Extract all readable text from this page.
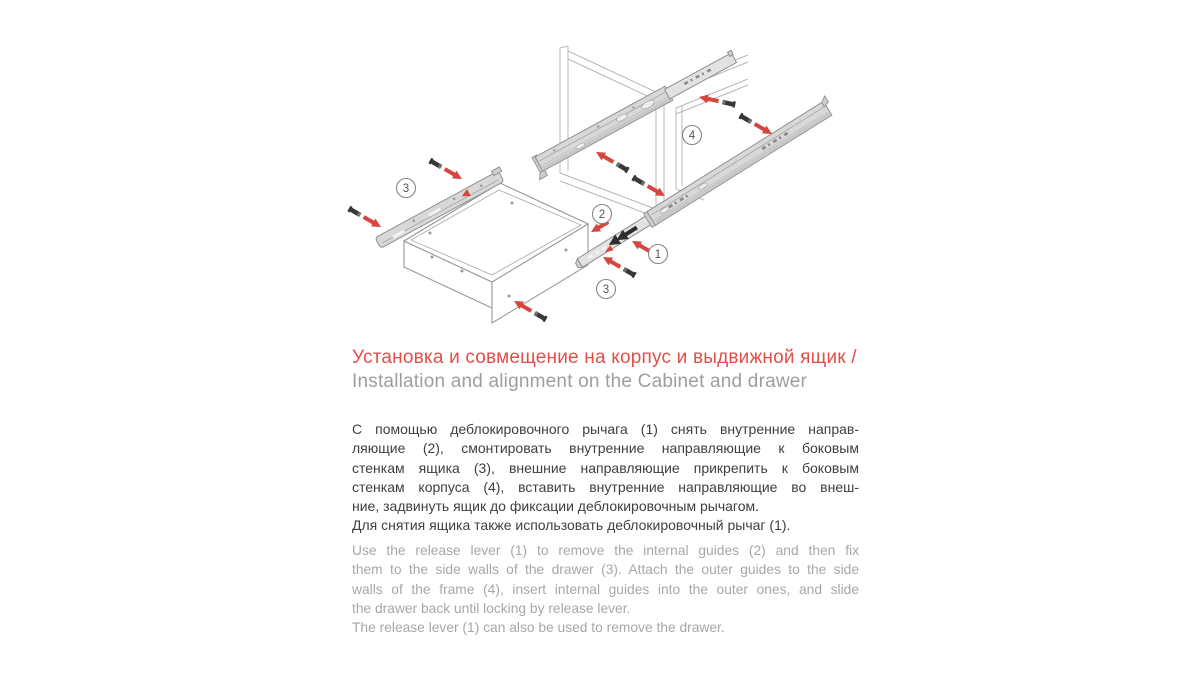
3
4
2
1
3
Установка и совмещение на корпус и выдвижной ящик /
Installation and alignment on the Cabinet and drawer
С помощью деблокировочного рычага (1) снять внутренние направ-
ляющие (2), смонтировать внутренние направляющие к боковым
стенкам ящика (3), внешние направляющие прикрепить к боковым
стенкам корпуса (4), вставить внутренние направляющие во внеш-
ние, задвинуть ящик до фиксации деблокировочным рычагом.
Для снятия ящика также использовать деблокировочный рычаг (1).
Use the release lever (1) to remove the internal guides (2) and then fix
them to the side walls of the drawer (3). Attach the outer guides to the side
walls of the frame (4), insert internal guides into the outer ones, and slide
the drawer back until locking by release lever.
The release lever (1) can also be used to remove the drawer.
